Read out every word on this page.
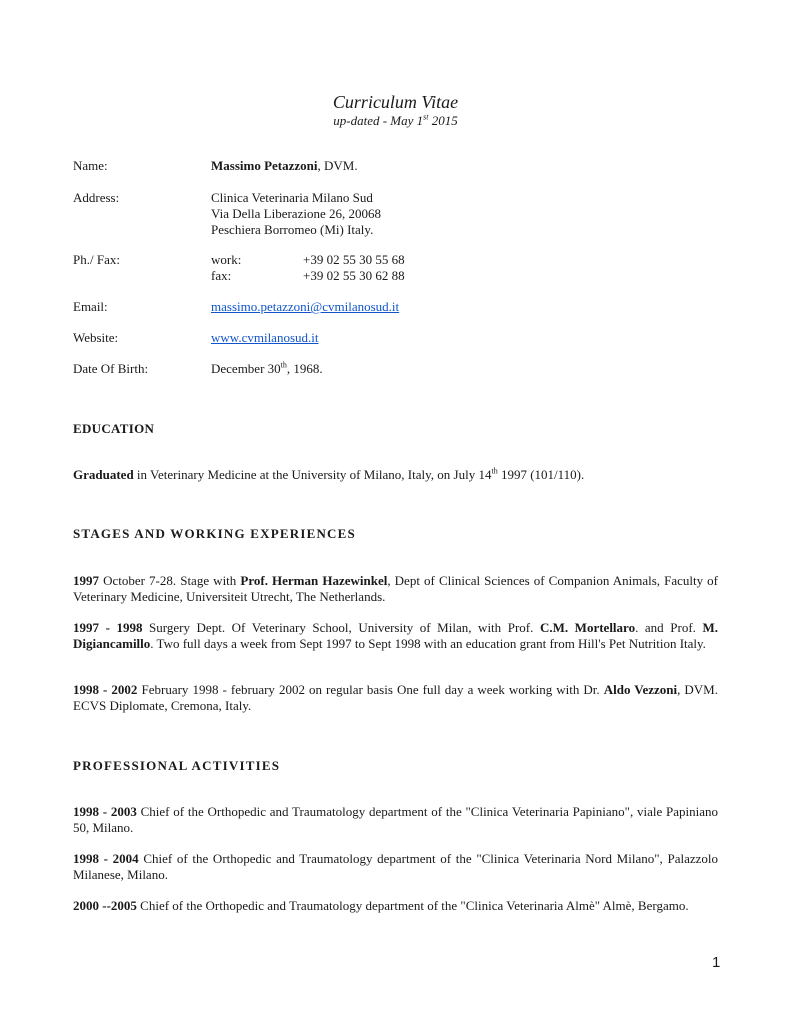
Curriculum Vitae
up-dated - May 1st 2015
Name:	Massimo Petazzoni, DVM.
Address:	Clinica Veterinaria Milano Sud
Via Della Liberazione 26, 20068
Peschiera Borromeo (Mi) Italy.
Ph./ Fax:	work:	+39 02 55 30 55 68
fax:	+39 02 55 30 62 88
Email:	massimo.petazzoni@cvmilanosud.it
Website:	www.cvmilanosud.it
Date Of Birth:	December 30th, 1968.
EDUCATION
Graduated in Veterinary Medicine at the University of Milano, Italy, on July 14th 1997 (101/110).
STAGES AND WORKING EXPERIENCES
1997 October 7-28. Stage with Prof. Herman Hazewinkel, Dept of Clinical Sciences of Companion Animals, Faculty of Veterinary Medicine, Universiteit Utrecht, The Netherlands.
1997 - 1998 Surgery Dept. Of Veterinary School, University of Milan, with Prof. C.M. Mortellaro. and Prof. M. Digiancamillo. Two full days a week from Sept 1997 to Sept 1998 with an education grant from Hill's Pet Nutrition Italy.
1998 - 2002 February 1998 - february 2002 on regular basis One full day a week working with Dr. Aldo Vezzoni, DVM. ECVS Diplomate, Cremona, Italy.
PROFESSIONAL ACTIVITIES
1998 - 2003 Chief of the Orthopedic and Traumatology department of the "Clinica Veterinaria Papiniano", viale Papiniano 50, Milano.
1998 - 2004 Chief of the Orthopedic and Traumatology department of the "Clinica Veterinaria Nord Milano", Palazzolo Milanese, Milano.
2000 --2005 Chief of the Orthopedic and Traumatology department of the "Clinica Veterinaria Almè" Almè, Bergamo.
1
